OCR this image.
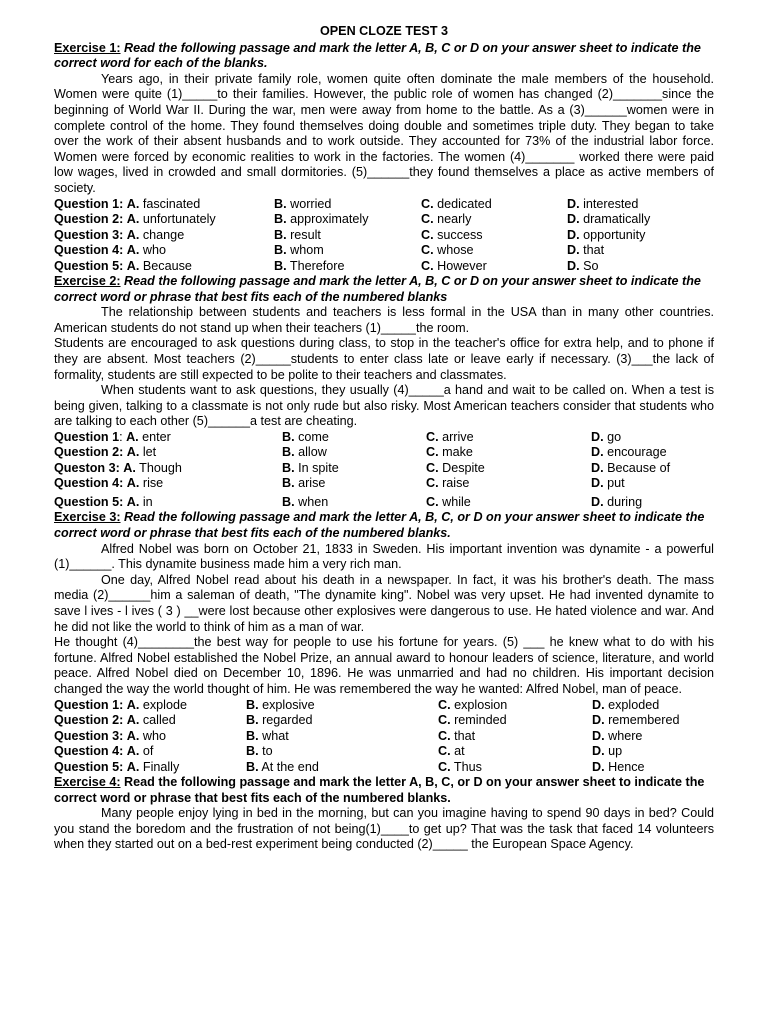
OPEN CLOZE TEST 3
Exercise 1: Read the following passage and mark the letter A, B, C or D on your answer sheet to indicate the correct word for each of the blanks.

Years ago, in their private family role, women quite often dominate the male members of the household. Women were quite (1)_____to their families. However, the public role of women has changed (2)_______since the beginning of World War II. During the war, men were away from home to the battle. As a (3)______women were in complete control of the home. They found themselves doing double and sometimes triple duty. They began to take over the work of their absent husbands and to work outside. They accounted for 73% of the industrial labor force. Women were forced by economic realities to work in the factories. The women (4)_______ worked there were paid low wages, lived in crowded and small dormitories. (5)______they found themselves a place as active members of society.

Question 1: A. fascinated	B. worried	C. dedicated	D. interested
Question 2: A. unfortunately	B. approximately	C. nearly	D. dramatically
Question 3: A. change	B. result	C. success	D. opportunity
Question 4: A. who	B. whom	C. whose	D. that
Question 5: A. Because	B. Therefore	C. However	D. So
Exercise 2: Read the following passage and mark the letter A, B, C or D on your answer sheet to indicate the correct word or phrase that best fits each of the numbered blanks

The relationship between students and teachers is less formal in the USA than in many other countries. American students do not stand up when their teachers (1)_____the room.

Students are encouraged to ask questions during class, to stop in the teacher's office for extra help, and to phone if they are absent. Most teachers (2)_____students to enter class late or leave early if necessary. (3)___the lack of formality, students are still expected to be polite to their teachers and classmates.

When students want to ask questions, they usually (4)_____a hand and wait to be called on. When a test is being given, talking to a classmate is not only rude but also risky. Most American teachers consider that students who are talking to each other (5)______a test are cheating.

Question 1: A. enter	B. come	C. arrive	D. go
Question 2: A. let	B. allow	C. make	D. encourage
Queston 3: A. Though	B. In spite	C. Despite	D. Because of
Question 4: A. rise	B. arise	C. raise	D. put
Question 5: A. in	B. when	C. while	D. during
Exercise 3: Read the following passage and mark the letter A, B, C, or D on your answer sheet to indicate the correct word or phrase that best fits each of the numbered blanks.

Alfred Nobel was born on October 21, 1833 in Sweden. His important invention was dynamite - a powerful (1)______. This dynamite business made him a very rich man.

One day, Alfred Nobel read about his death in a newspaper. In fact, it was his brother's death. The mass media (2)______him a saleman of death, "The dynamite king". Nobel was very upset. He had invented dynamite to save l ives - l ives ( 3 ) __were lost because other explosives were dangerous to use. He hated violence and war. And he did not like the world to think of him as a man of war.

He thought (4)________the best way for people to use his fortune for years. (5) ___ he knew what to do with his fortune. Alfred Nobel established the Nobel Prize, an annual award to honour leaders of science, literature, and world peace. Alfred Nobel died on December 10, 1896. He was unmarried and had no children. His important decision changed the way the world thought of him. He was remembered the way he wanted: Alfred Nobel, man of peace.

Question 1: A. explode	B. explosive	C. explosion	D. exploded
Question 2: A. called	B. regarded	C. reminded	D. remembered
Question 3: A. who	B. what	C. that	D. where
Question 4: A. of	B. to	C. at	D. up
Question 5: A. Finally	B. At the end	C. Thus	D. Hence
Exercise 4: Read the following passage and mark the letter A, B, C, or D on your answer sheet to indicate the correct word or phrase that best fits each of the numbered blanks.

Many people enjoy lying in bed in the morning, but can you imagine having to spend 90 days in bed? Could you stand the boredom and the frustration of not being(1)____to get up? That was the task that faced 14 volunteers when they started out on a bed-rest experiment being conducted (2)_____ the European Space Agency.
